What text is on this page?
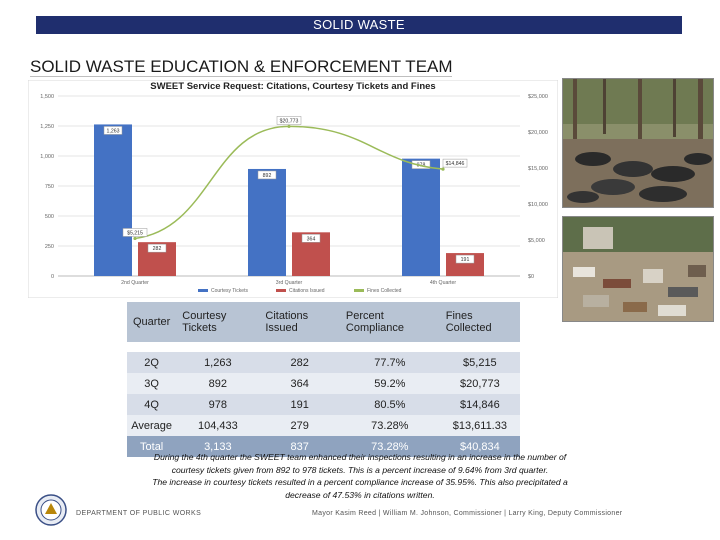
SOLID WASTE
SOLID WASTE EDUCATION & ENFORCEMENT TEAM
SWEET Service Request: Citations, Courtesy Tickets and Fines
0
250
500
750
1,000
1,250
1,500
$0
$5,000
$10,000
$15,000
$20,000
$25,000
1,263
282
892
364
978
191
$5,215
$20,773
$14,846
2nd Quarter	3rd Quarter	4th Quarter
Courtesy Tickets	Citations Issued	Fines Collected
Quarter	Courtesy Tickets	Citations Issued	Percent Compliance	Fines Collected

2Q	1,263	282	77.7%	$5,215
3Q	892	364	59.2%	$20,773
4Q	978	191	80.5%	$14,846
Average	104,433	279	73.28%	$13,611.33
Total	3,133	837	73.28%	$40,834
During the 4th quarter the SWEET team enhanced their inspections resulting in an increase in the number of
courtesy tickets given from 892 to 978 tickets. This is a percent increase of 9.64% from 3rd quarter.
The increase in courtesy tickets resulted in a percent compliance increase of 35.95%. This also precipitated a
decrease of 47.53% in citations written.
DEPARTMENT OF PUBLIC WORKS	Mayor Kasim Reed | William M. Johnson, Commissioner | Larry King, Deputy Commissioner
